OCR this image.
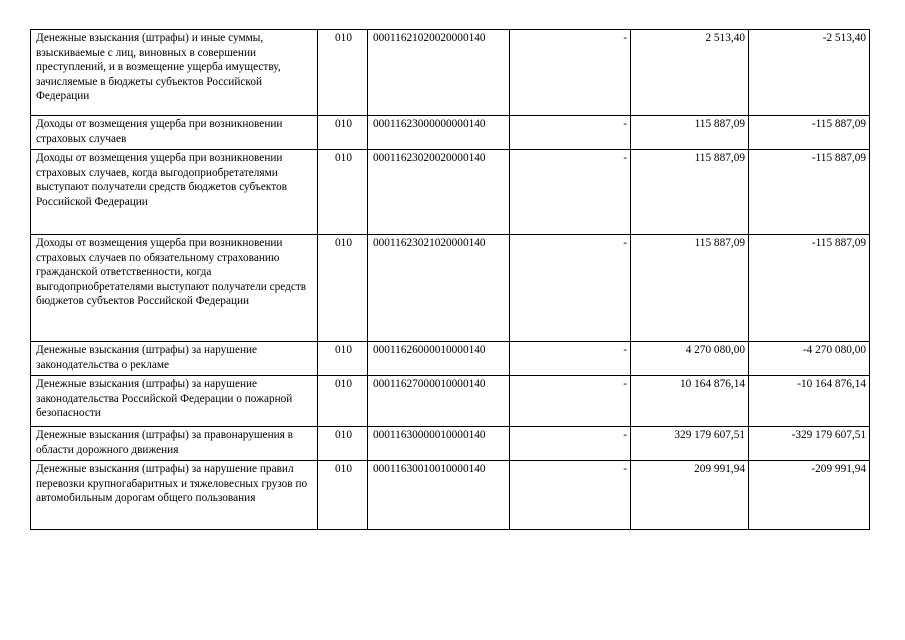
Денежные взыскания (штрафы) и иные суммы, взыскиваемые с лиц, виновных в совершении преступлений, и в возмещение ущерба имуществу, зачисляемые в бюджеты субъектов Российской Федерации	010	00011621020020000140	-	2 513,40	-2 513,40

Доходы от возмещения ущерба при возникновении страховых случаев	010	00011623000000000140	-	115 887,09	-115 887,09

Доходы от возмещения ущерба при возникновении страховых случаев, когда выгодоприобретателями выступают получатели средств бюджетов субъектов Российской Федерации	010	00011623020020000140	-	115 887,09	-115 887,09

Доходы от возмещения ущерба при возникновении страховых случаев по обязательному страхованию гражданской ответственности, когда выгодоприобретателями выступают получатели средств бюджетов субъектов Российской Федерации	010	00011623021020000140	-	115 887,09	-115 887,09

Денежные взыскания (штрафы) за нарушение законодательства о рекламе	010	00011626000010000140	-	4 270 080,00	-4 270 080,00

Денежные взыскания (штрафы) за нарушение законодательства Российской Федерации о пожарной безопасности	010	00011627000010000140	-	10 164 876,14	-10 164 876,14

Денежные взыскания (штрафы) за правонарушения в области дорожного движения	010	00011630000010000140	-	329 179 607,51	-329 179 607,51

Денежные взыскания (штрафы) за нарушение правил перевозки крупногабаритных и тяжеловесных грузов по автомобильным дорогам общего пользования	010	00011630010010000140	-	209 991,94	-209 991,94
